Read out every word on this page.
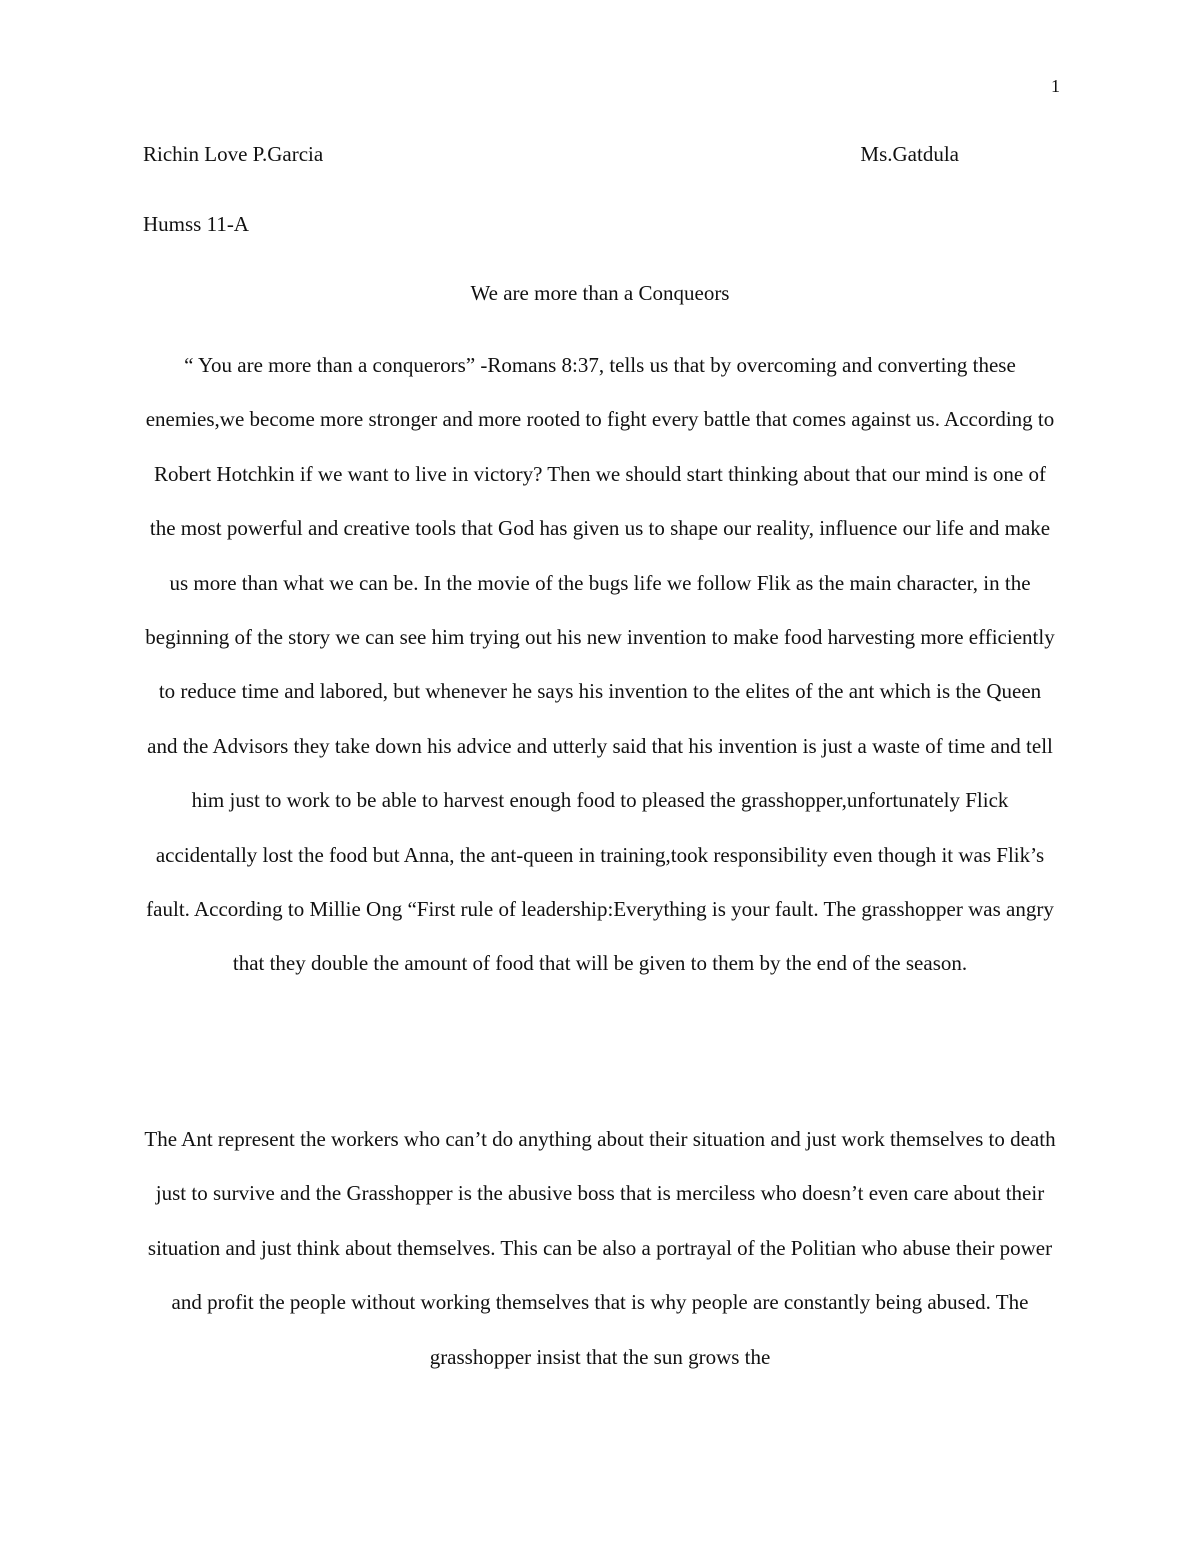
1
Richin Love P.Garcia	Ms.Gatdula
Humss 11-A
We are more than a Conqueors

“ You are more than a conquerors” -Romans 8:37, tells us that by overcoming and converting these enemies,we become more stronger and more rooted to fight every battle that comes against us. According to Robert Hotchkin if we want to live in victory? Then we should start thinking about that our mind is one of the most powerful and creative tools that God has given us to shape our reality, influence our life and make us more than what we can be. In the movie of the bugs life we follow Flik as the main character, in the beginning of the story we can see him trying out his new invention to make food harvesting more efficiently to reduce time and labored, but whenever he says his invention to the elites of the ant which is the Queen and the Advisors they take down his advice and utterly said that his invention is just a waste of time and tell him just to work to be able to harvest enough food to pleased the grasshopper,unfortunately Flick accidentally lost the food but Anna, the ant-queen in training,took responsibility even though it was Flik’s fault. According to Millie Ong “First rule of leadership:Everything is your fault. The grasshopper was angry that they double the amount of food that will be given to them by the end of the season.

The Ant represent the workers who can’t do anything about their situation and just work themselves to death just to survive and the Grasshopper is the abusive boss that is merciless who doesn’t even care about their situation and just think about themselves. This can be also a portrayal of the Politian who abuse their power and profit the people without working themselves that is why people are constantly being abused. The grasshopper insist that the sun grows the
